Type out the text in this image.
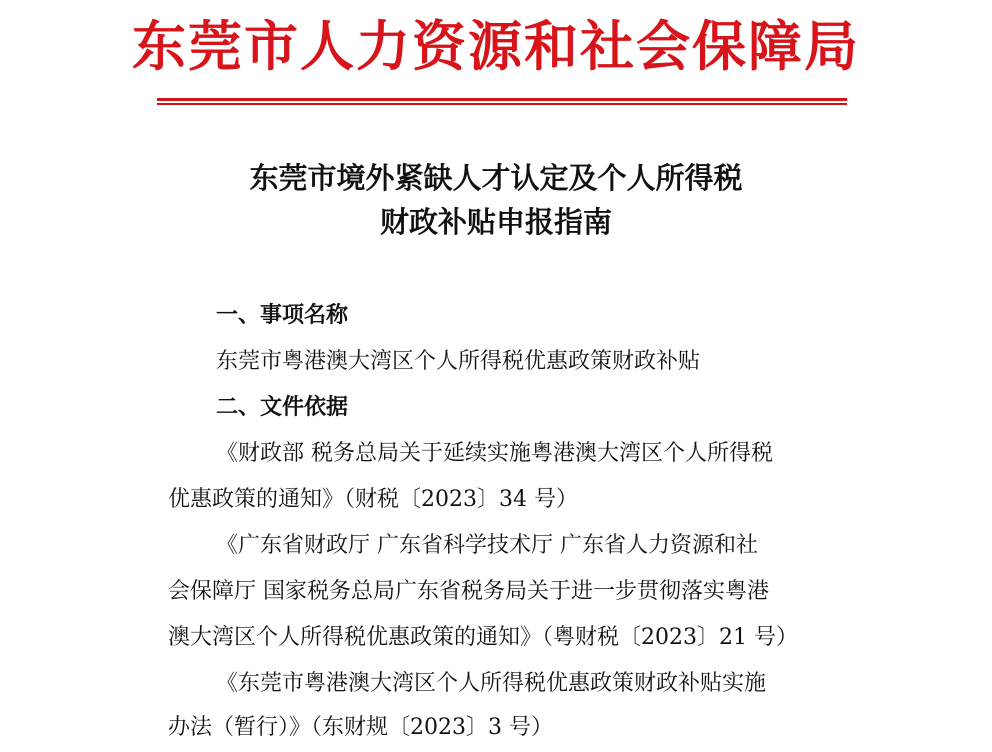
东莞市人力资源和社会保障局
东莞市境外紧缺人才认定及个人所得税
财政补贴申报指南
一、事项名称
东莞市粤港澳大湾区个人所得税优惠政策财政补贴
二、文件依据
《财政部 税务总局关于延续实施粤港澳大湾区个人所得税
优惠政策的通知》（财税〔2023〕34 号）
《广东省财政厅 广东省科学技术厅 广东省人力资源和社
会保障厅 国家税务总局广东省税务局关于进一步贯彻落实粤港
澳大湾区个人所得税优惠政策的通知》（粤财税〔2023〕21 号）
《东莞市粤港澳大湾区个人所得税优惠政策财政补贴实施
办法（暂行）》（东财规〔2023〕3 号）
